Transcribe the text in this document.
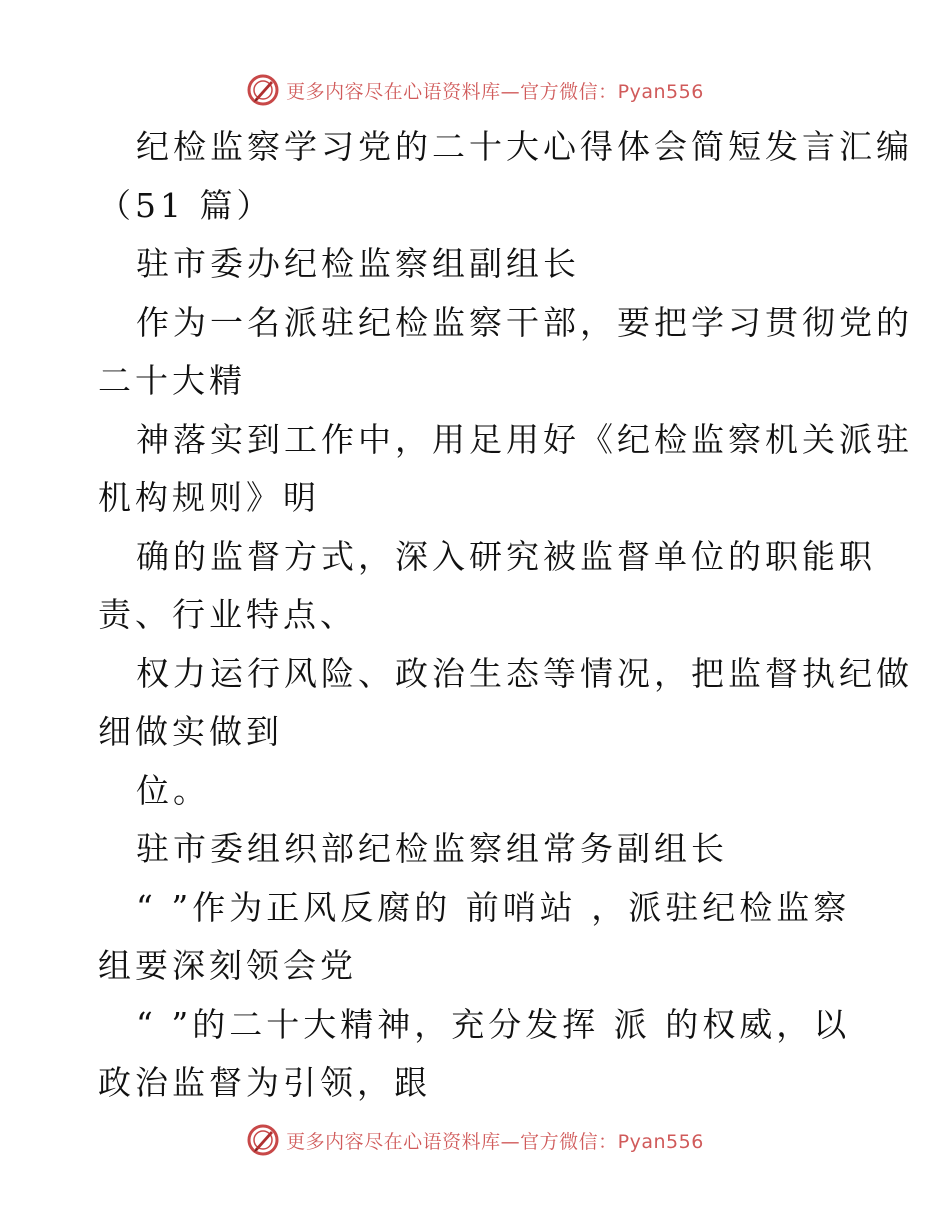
更多内容尽在心语资料库—官方微信：Pyan556

纪检监察学习党的二十大心得体会简短发言汇编
（51 篇）

驻市委办纪检监察组副组长

作为一名派驻纪检监察干部，要把学习贯彻党的
二十大精

神落实到工作中，用足用好《纪检监察机关派驻
机构规则》明

确的监督方式，深入研究被监督单位的职能职
责、行业特点、

权力运行风险、政治生态等情况，把监督执纪做
细做实做到

位。

驻市委组织部纪检监察组常务副组长

“ ”作为正风反腐的 前哨站 ，派驻纪检监察
组要深刻领会党

“ ”的二十大精神，充分发挥 派 的权威，以
政治监督为引领，跟

更多内容尽在心语资料库—官方微信：Pyan556
